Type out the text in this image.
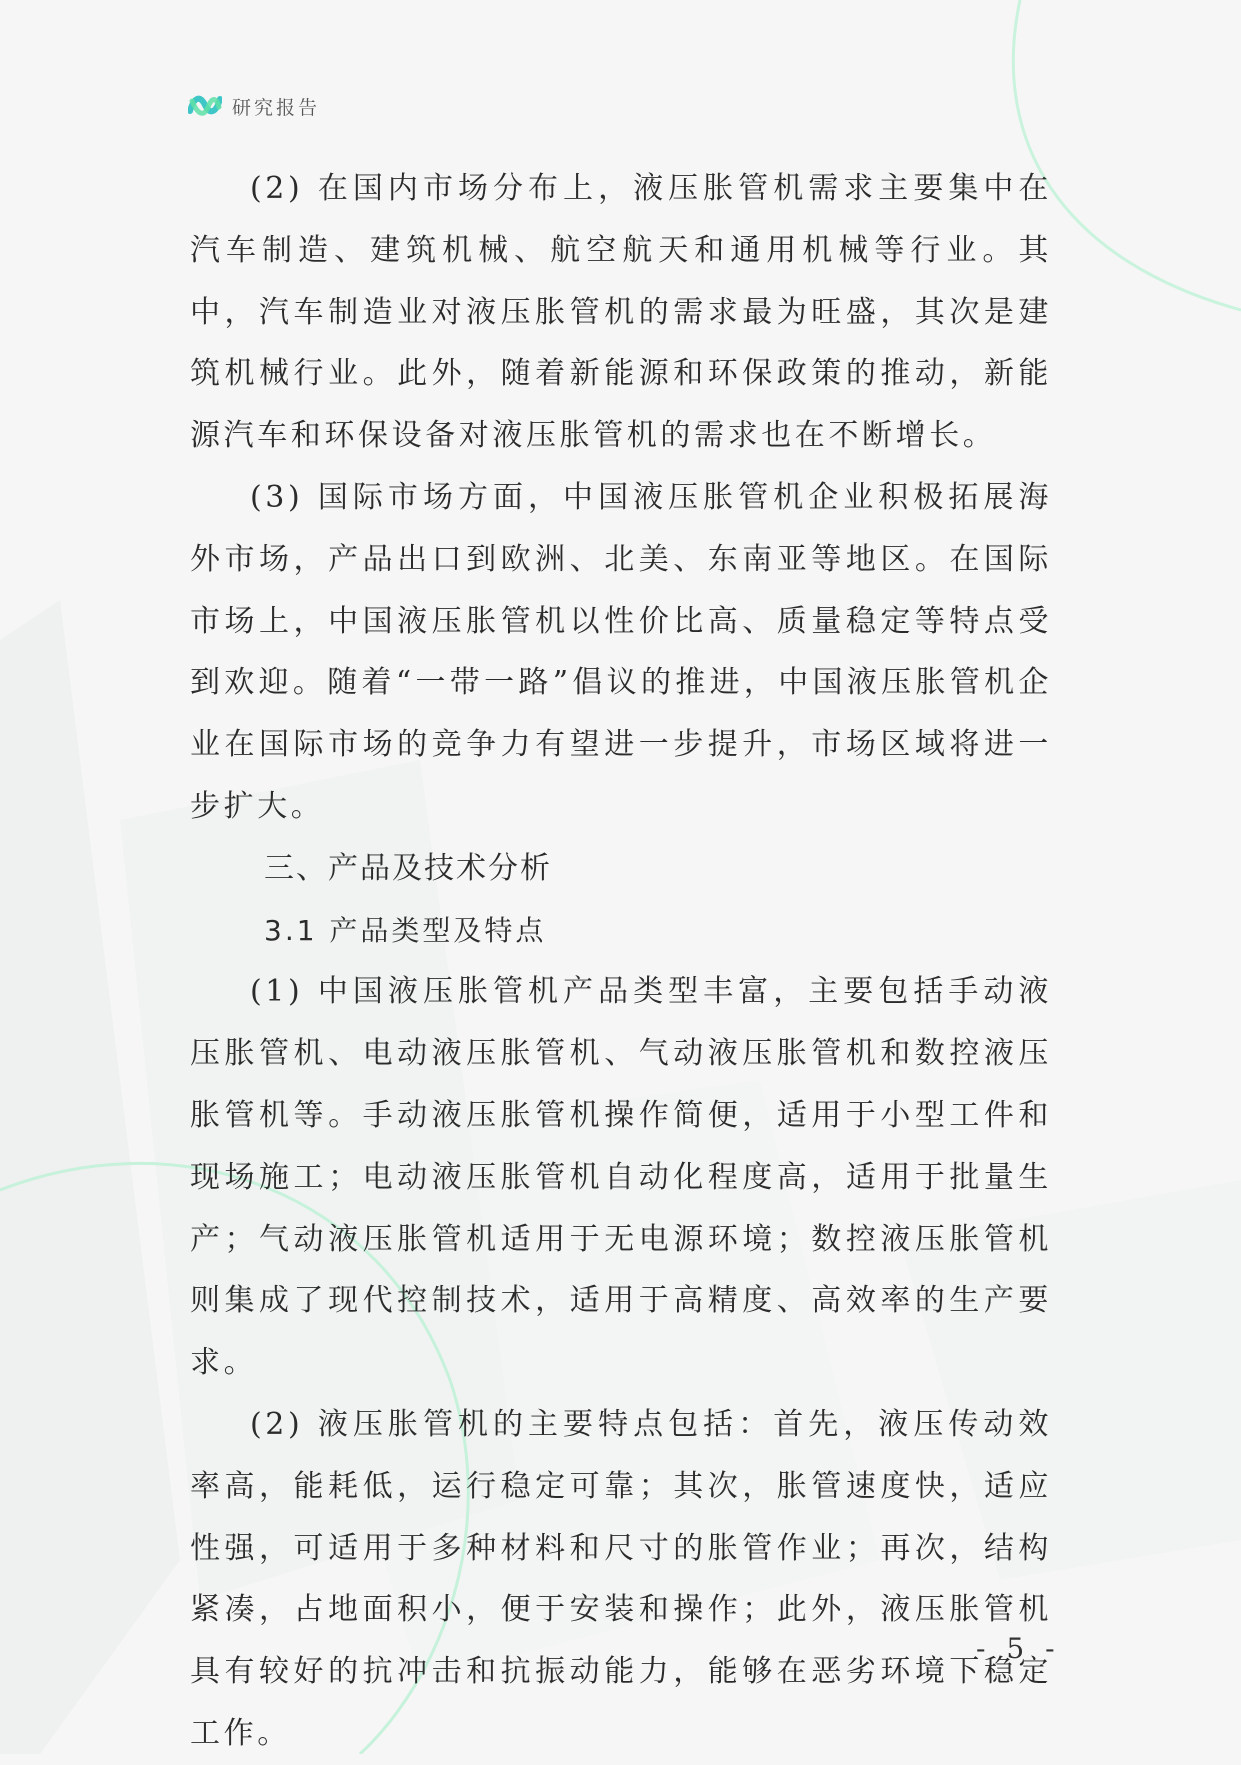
研究报告

(2) 在国内市场分布上，液压胀管机需求主要集中在汽车制造、建筑机械、航空航天和通用机械等行业。其中，汽车制造业对液压胀管机的需求最为旺盛，其次是建筑机械行业。此外，随着新能源和环保政策的推动，新能源汽车和环保设备对液压胀管机的需求也在不断增长。

(3) 国际市场方面，中国液压胀管机企业积极拓展海外市场，产品出口到欧洲、北美、东南亚等地区。在国际市场上，中国液压胀管机以性价比高、质量稳定等特点受到欢迎。随着“一带一路”倡议的推进，中国液压胀管机企业在国际市场的竞争力有望进一步提升，市场区域将进一步扩大。

三、产品及技术分析

3.1 产品类型及特点

(1) 中国液压胀管机产品类型丰富，主要包括手动液压胀管机、电动液压胀管机、气动液压胀管机和数控液压胀管机等。手动液压胀管机操作简便，适用于小型工件和现场施工；电动液压胀管机自动化程度高，适用于批量生产；气动液压胀管机适用于无电源环境；数控液压胀管机则集成了现代控制技术，适用于高精度、高效率的生产要求。

(2) 液压胀管机的主要特点包括：首先，液压传动效率高，能耗低，运行稳定可靠；其次，胀管速度快，适应性强，可适用于多种材料和尺寸的胀管作业；再次，结构紧凑，占地面积小，便于安装和操作；此外，液压胀管机具有较好的抗冲击和抗振动能力，能够在恶劣环境下稳定工作。

- 5 -
